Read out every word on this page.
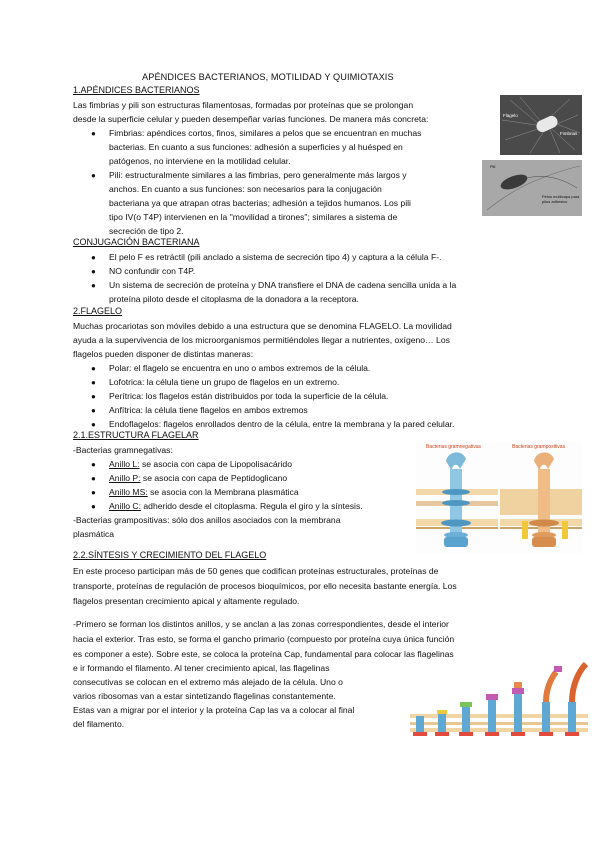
APÉNDICES BACTERIANOS, MOTILIDAD Y QUIMIOTAXIS
1.APÉNDICES BACTERIANOS
Las fimbrias y pili son estructuras filamentosas, formadas por proteínas que se prolongan
desde la superficie celular y pueden desempeñar varias funciones. De manera más concreta:
● Fimbrias: apéndices cortos, finos, similares a pelos que se encuentran en muchas
bacterias. En cuanto a sus funciones: adhesión a superficies y al huésped en
patógenos, no interviene en la motilidad celular.
● Pili: estructuralmente similares a las fimbrias, pero generalmente más largos y
anchos. En cuanto a sus funciones: son necesarios para la conjugación
bacteriana ya que atrapan otras bacterias; adhesión a tejidos humanos. Los pili
tipo IV(o T4P) intervienen en la "movilidad a tirones"; similares a sistema de
secreción de tipo 2.
Flagelo
Fimbrias
Pelos multicapa para
pilus adhesivo
Pili
CONJUGACIÓN BACTERIANA
● El pelo F es retráctil (pili anclado a sistema de secreción tipo 4) y captura a la célula F-.
● NO confundir con T4P.
● Un sistema de secreción de proteína y DNA transfiere el DNA de cadena sencilla unida a la
proteína piloto desde el citoplasma de la donadora a la receptora.
2.FLAGELO
Muchas procariotas son móviles debido a una estructura que se denomina FLAGELO. La movilidad
ayuda a la supervivencia de los microorganismos permitiéndoles llegar a nutrientes, oxígeno… Los
flagelos pueden disponer de distintas maneras:
● Polar: el flagelo se encuentra en uno o ambos extremos de la célula.
● Lofotrica: la célula tiene un grupo de flagelos en un extremo.
● Perítrica: los flagelos están distribuidos por toda la superficie de la célula.
● Anfítrica: la célula tiene flagelos en ambos extremos
● Endoflagelos: flagelos enrollados dentro de la célula, entre la membrana y la pared celular.
2.1.ESTRUCTURA FLAGELAR
-Bacterias gramnegativas:
● Anillo L: se asocia con capa de Lipopolisacárido
● Anillo P: se asocia con capa de Peptidoglicano
● Anillo MS: se asocia con la Membrana plasmática
● Anillo C: adherido desde el citoplasma. Regula el giro y la síntesis.
-Bacterias grampositivas: sólo dos anillos asociados con la membrana
plasmática
Bacterias gramnegativas	Bacterias grampositivas
2.2.SÍNTESIS Y CRECIMIENTO DEL FLAGELO
En este proceso participan más de 50 genes que codifican proteínas estructurales, proteínas de
transporte, proteínas de regulación de procesos bioquímicos, por ello necesita bastante energía. Los
flagelos presentan crecimiento apical y altamente regulado.
-Primero se forman los distintos anillos, y se anclan a las zonas correspondientes, desde el interior
hacia el exterior. Tras esto, se forma el gancho primario (compuesto por proteína cuya única función
es componer a este). Sobre este, se coloca la proteína Cap, fundamental para colocar las flagelinas
e ir formando el filamento. Al tener crecimiento apical, las flagelinas
consecutivas se colocan en el extremo más alejado de la célula. Uno o
varios ribosomas van a estar sintetizando flagelinas constantemente.
Estas van a migrar por el interior y la proteína Cap las va a colocar al final
del filamento.
